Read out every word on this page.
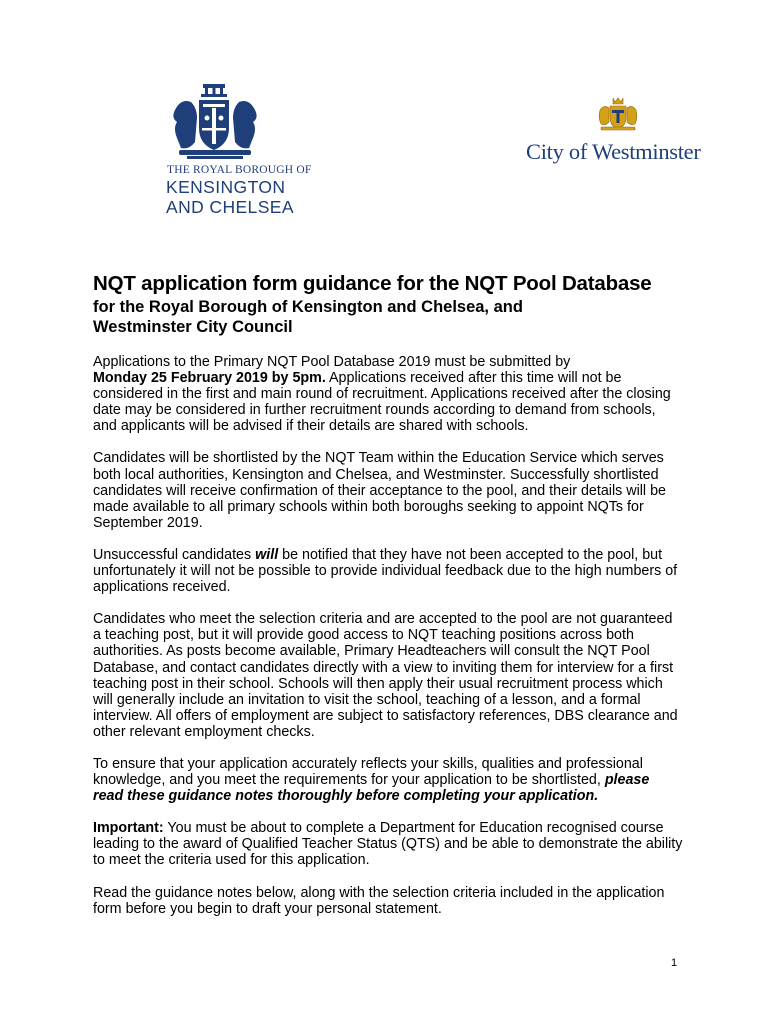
THE ROYAL BOROUGH OF
KENSINGTON
AND CHELSEA
City of Westminster
NQT application form guidance for the NQT Pool Database
for the Royal Borough of Kensington and Chelsea, and Westminster City Council

Applications to the Primary NQT Pool Database 2019 must be submitted by
Monday 25 February 2019 by 5pm. Applications received after this time will not be considered in the first and main round of recruitment. Applications received after the closing date may be considered in further recruitment rounds according to demand from schools, and applicants will be advised if their details are shared with schools.

Candidates will be shortlisted by the NQT Team within the Education Service which serves both local authorities, Kensington and Chelsea, and Westminster. Successfully shortlisted candidates will receive confirmation of their acceptance to the pool, and their details will be made available to all primary schools within both boroughs seeking to appoint NQTs for September 2019.

Unsuccessful candidates will be notified that they have not been accepted to the pool, but unfortunately it will not be possible to provide individual feedback due to the high numbers of applications received.

Candidates who meet the selection criteria and are accepted to the pool are not guaranteed a teaching post, but it will provide good access to NQT teaching positions across both authorities. As posts become available, Primary Headteachers will consult the NQT Pool Database, and contact candidates directly with a view to inviting them for interview for a first teaching post in their school. Schools will then apply their usual recruitment process which will generally include an invitation to visit the school, teaching of a lesson, and a formal interview. All offers of employment are subject to satisfactory references, DBS clearance and other relevant employment checks.

To ensure that your application accurately reflects your skills, qualities and professional knowledge, and you meet the requirements for your application to be shortlisted, please read these guidance notes thoroughly before completing your application.

Important: You must be about to complete a Department for Education recognised course leading to the award of Qualified Teacher Status (QTS) and be able to demonstrate the ability to meet the criteria used for this application.

Read the guidance notes below, along with the selection criteria included in the application form before you begin to draft your personal statement.

1
